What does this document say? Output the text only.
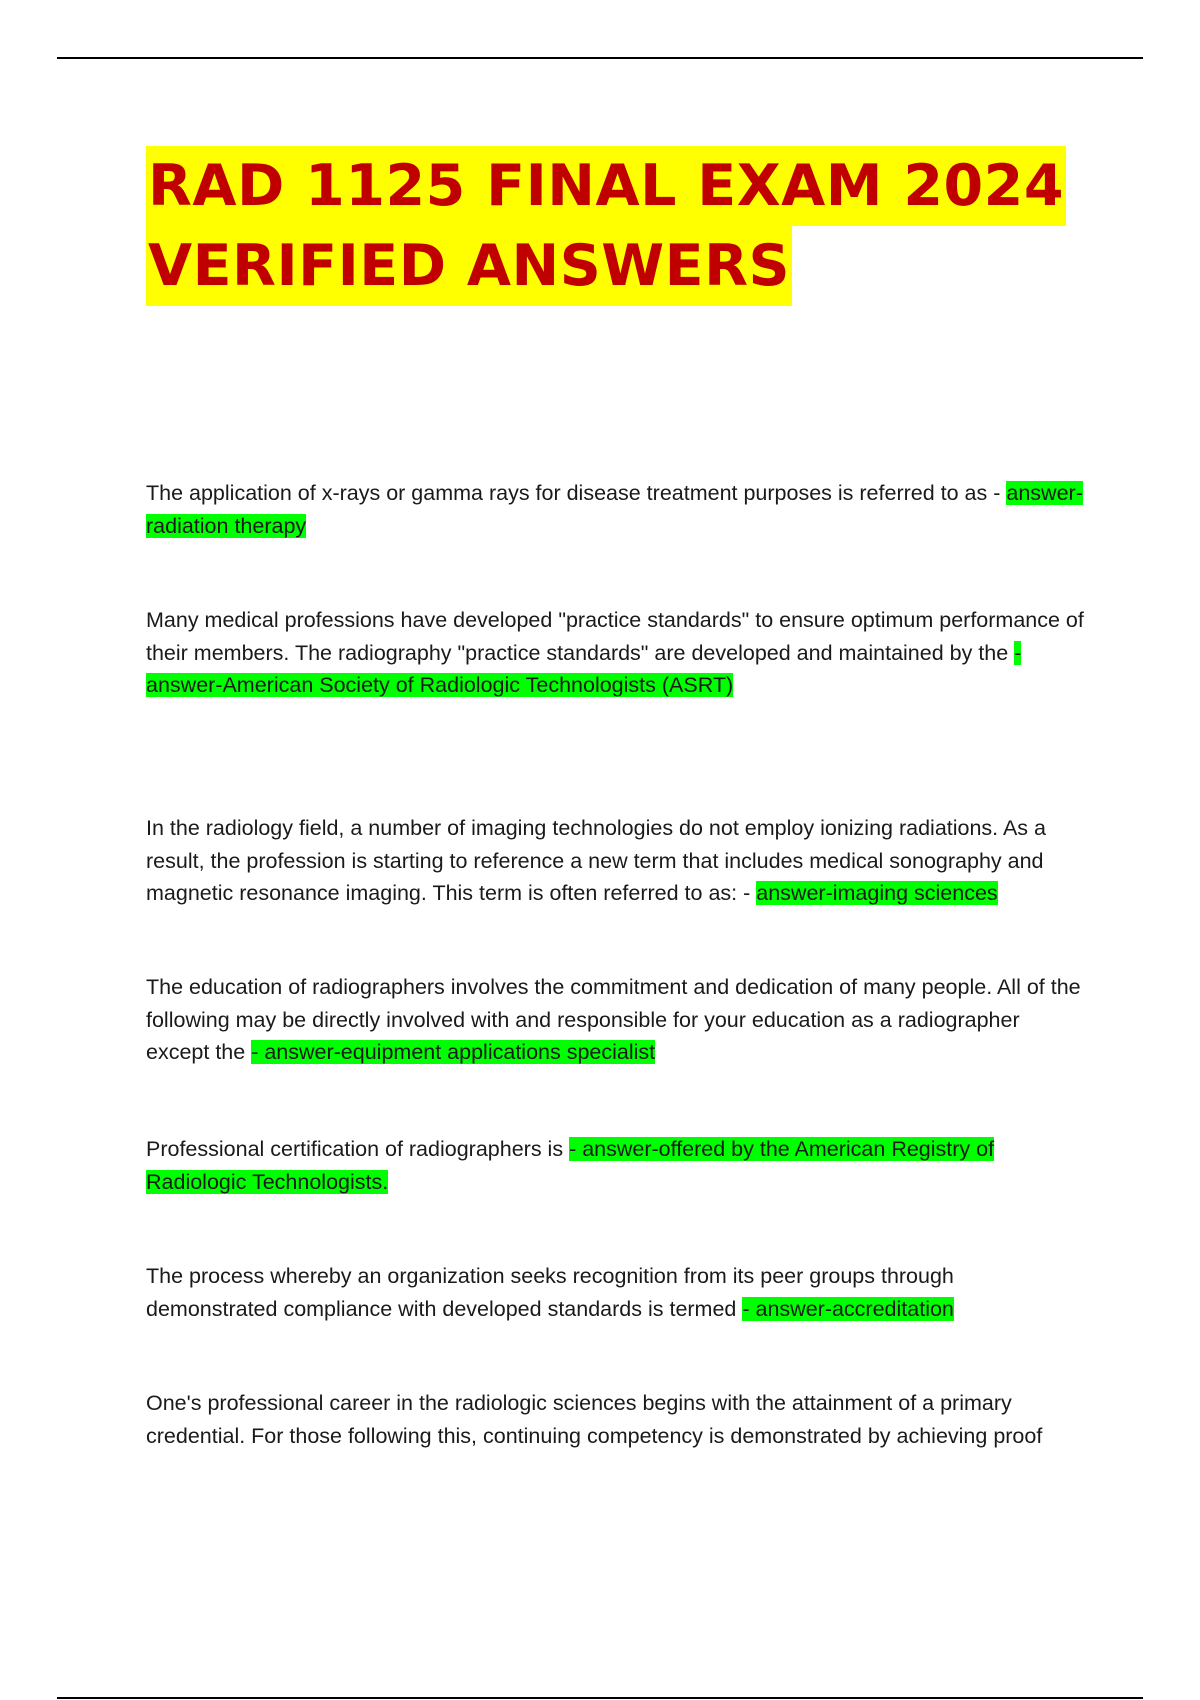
RAD 1125 FINAL EXAM 2024
VERIFIED ANSWERS
The application of x-rays or gamma rays for disease treatment purposes is referred to as - answer-radiation therapy
Many medical professions have developed "practice standards" to ensure optimum performance of their members. The radiography "practice standards" are developed and maintained by the - answer-American Society of Radiologic Technologists (ASRT)
In the radiology field, a number of imaging technologies do not employ ionizing radiations. As a result, the profession is starting to reference a new term that includes medical sonography and magnetic resonance imaging. This term is often referred to as: - answer-imaging sciences
The education of radiographers involves the commitment and dedication of many people. All of the following may be directly involved with and responsible for your education as a radiographer except the - answer-equipment applications specialist
Professional certification of radiographers is - answer-offered by the American Registry of Radiologic Technologists.
The process whereby an organization seeks recognition from its peer groups through demonstrated compliance with developed standards is termed - answer-accreditation
One's professional career in the radiologic sciences begins with the attainment of a primary credential. For those following this, continuing competency is demonstrated by achieving proof
